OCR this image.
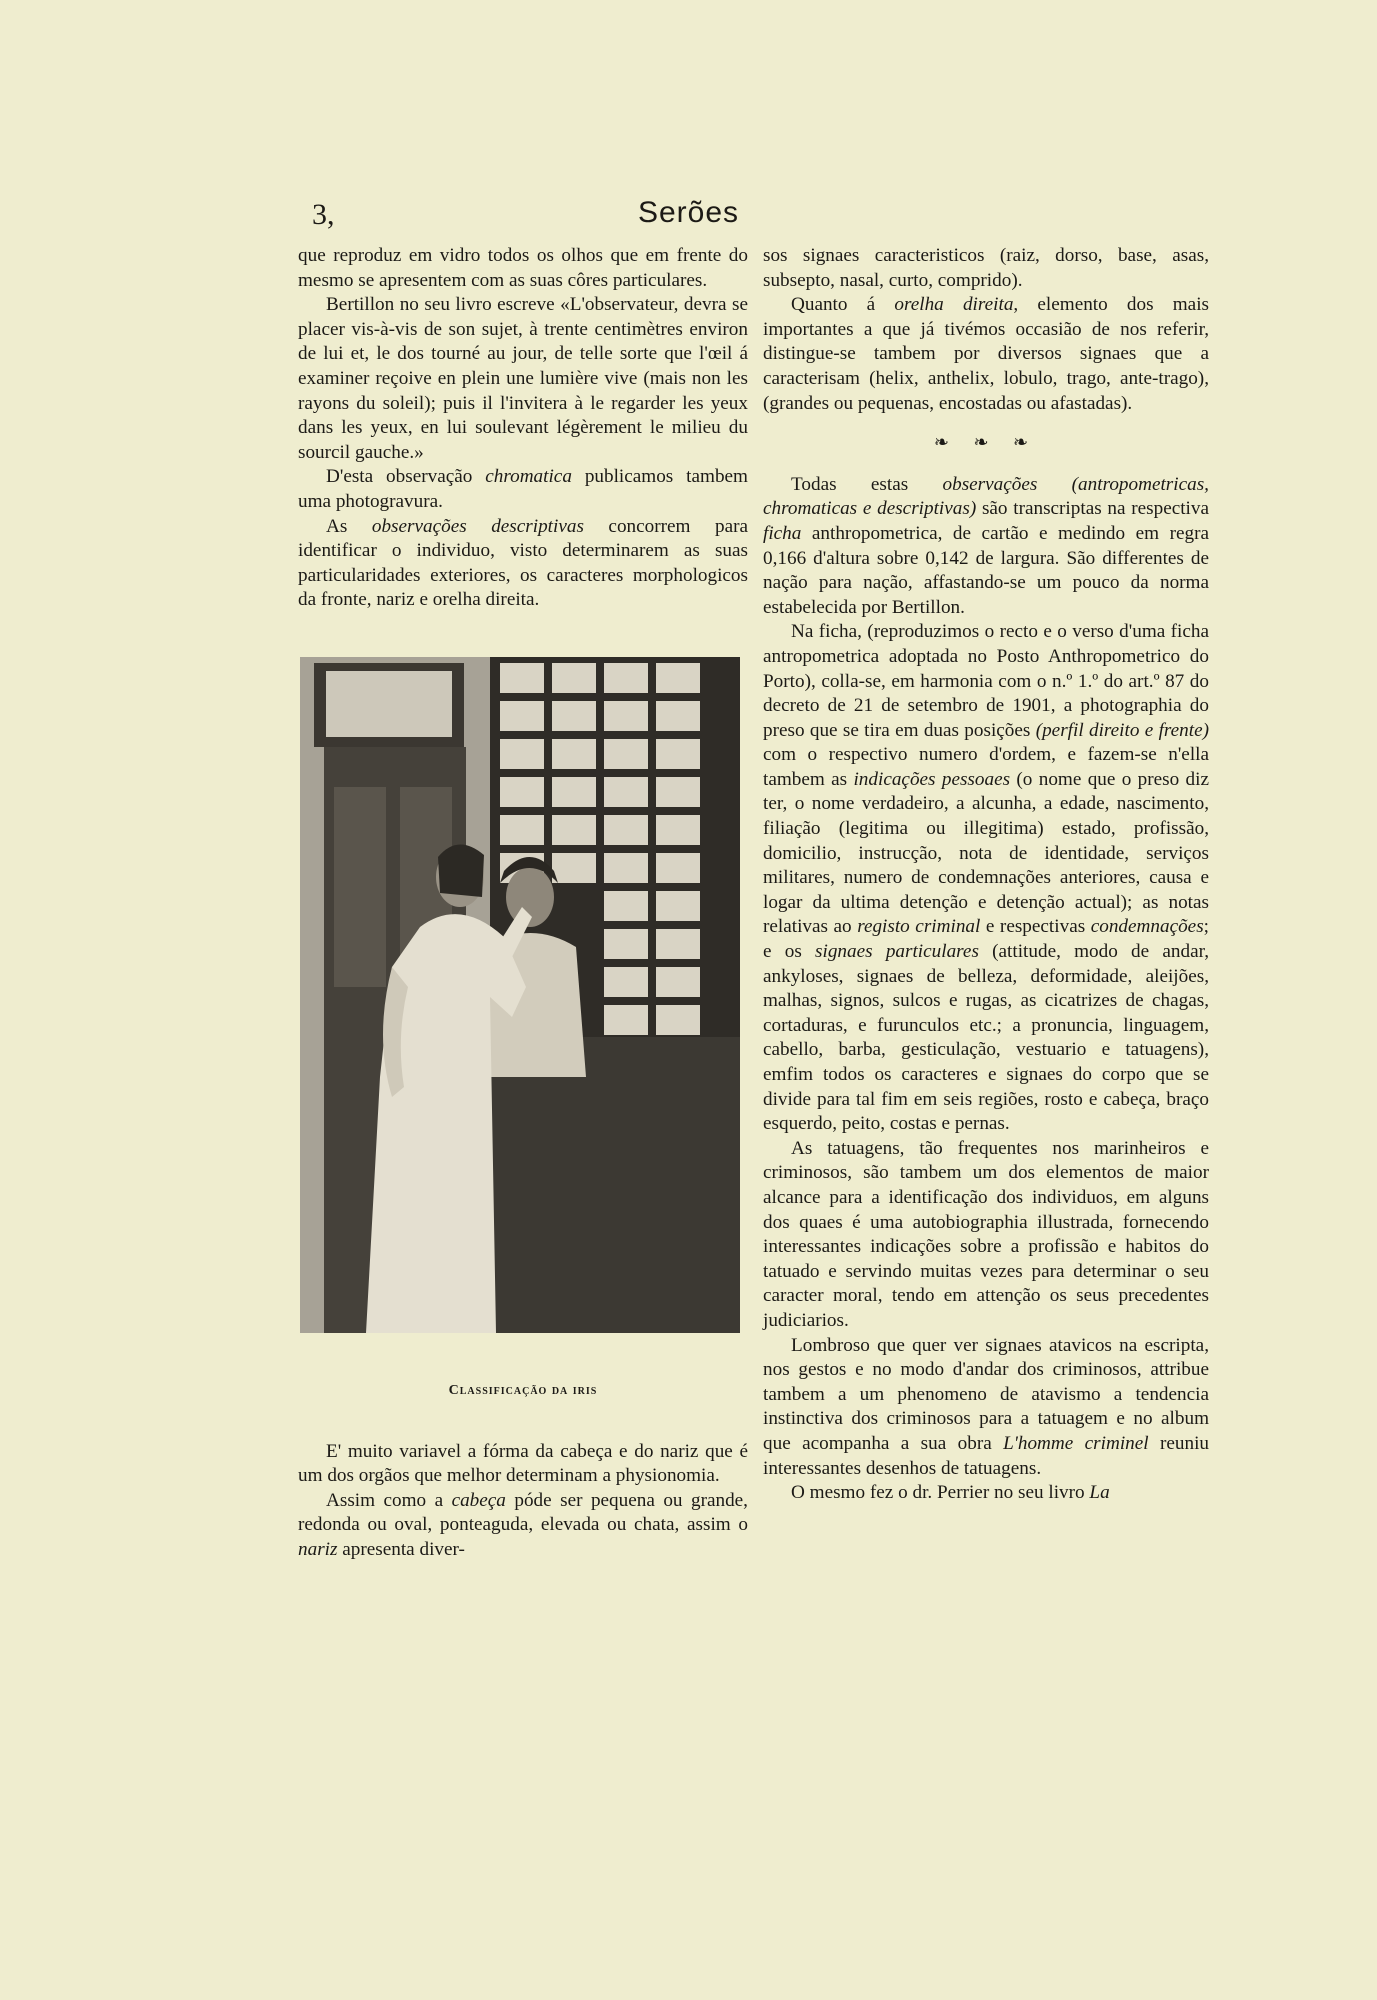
3,	Serões

que reproduz em vidro todos os olhos que em frente do mesmo se apresentem com as suas côres particulares.

Bertillon no seu livro escreve «L'observateur, devra se placer vis-à-vis de son sujet, à trente centimètres environ de lui et, le dos tourné au jour, de telle sorte que l'œil á examiner reçoive en plein une lumière vive (mais non les rayons du soleil); puis il l'invitera à le regarder les yeux dans les yeux, en lui soulevant légèrement le milieu du sourcil gauche.»

D'esta observação chromatica publicamos tambem uma photogravura.

As observações descriptivas concorrem para identificar o individuo, visto determinarem as suas particularidades exteriores, os caracteres morphologicos da fronte, nariz e orelha direita.

Classificação da iris

E' muito variavel a fórma da cabeça e do nariz que é um dos orgãos que melhor determinam a physionomia.

Assim como a cabeça póde ser pequena ou grande, redonda ou oval, ponteaguda, elevada ou chata, assim o nariz apresenta diver-

sos signaes caracteristicos (raiz, dorso, base, asas, subsepto, nasal, curto, comprido).

Quanto á orelha direita, elemento dos mais importantes a que já tivémos occasião de nos referir, distingue-se tambem por diversos signaes que a caracterisam (helix, anthelix, lobulo, trago, ante-trago), (grandes ou pequenas, encostadas ou afastadas).

❧ ❧ ❧

Todas estas observações (antropometricas, chromaticas e descriptivas) são transcriptas na respectiva ficha anthropometrica, de cartão e medindo em regra 0,166 d'altura sobre 0,142 de largura. São differentes de nação para nação, affastando-se um pouco da norma estabelecida por Bertillon.

Na ficha, (reproduzimos o recto e o verso d'uma ficha antropometrica adoptada no Posto Anthropometrico do Porto), colla-se, em harmonia com o n.º 1.º do art.º 87 do decreto de 21 de setembro de 1901, a photographia do preso que se tira em duas posições (perfil direito e frente) com o respectivo numero d'ordem, e fazem-se n'ella tambem as indicações pessoaes (o nome que o preso diz ter, o nome verdadeiro, a alcunha, a edade, nascimento, filiação (legitima ou illegitima) estado, profissão, domicilio, instrucção, nota de identidade, serviços militares, numero de condemnações anteriores, causa e logar da ultima detenção e detenção actual); as notas relativas ao registo criminal e respectivas condemnações; e os signaes particulares (attitude, modo de andar, ankyloses, signaes de belleza, deformidade, aleijões, malhas, signos, sulcos e rugas, as cicatrizes de chagas, cortaduras, e furunculos etc.; a pronuncia, linguagem, cabello, barba, gesticulação, vestuario e tatuagens), emfim todos os caracteres e signaes do corpo que se divide para tal fim em seis regiões, rosto e cabeça, braço esquerdo, peito, costas e pernas.

As tatuagens, tão frequentes nos marinheiros e criminosos, são tambem um dos elementos de maior alcance para a identificação dos individuos, em alguns dos quaes é uma autobiographia illustrada, fornecendo interessantes indicações sobre a profissão e habitos do tatuado e servindo muitas vezes para determinar o seu caracter moral, tendo em attenção os seus precedentes judiciarios.

Lombroso que quer ver signaes atavicos na escripta, nos gestos e no modo d'andar dos criminosos, attribue tambem a um phenomeno de atavismo a tendencia instinctiva dos criminosos para a tatuagem e no album que acompanha a sua obra L'homme criminel reuniu interessantes desenhos de tatuagens.

O mesmo fez o dr. Perrier no seu livro La
